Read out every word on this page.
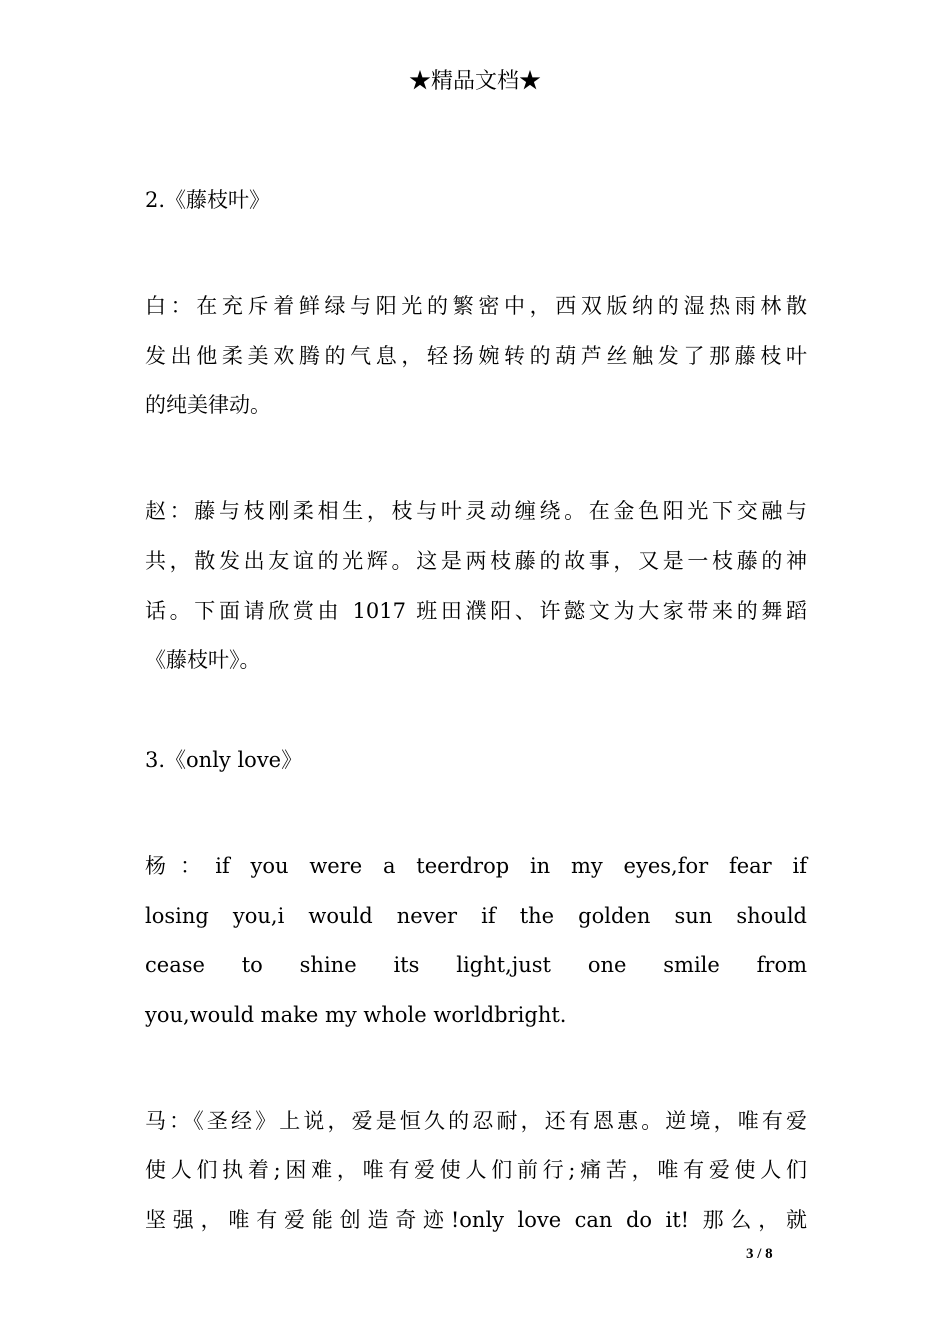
★精品文档★

2.《藤枝叶》

白：在充斥着鲜绿与阳光的繁密中，西双版纳的湿热雨林散
发出他柔美欢腾的气息，轻扬婉转的葫芦丝触发了那藤枝叶
的纯美律动。

赵：藤与枝刚柔相生，枝与叶灵动缠绕。在金色阳光下交融与
共，散发出友谊的光辉。这是两枝藤的故事，又是一枝藤的神
话。下面请欣赏由 1017 班田濮阳、许懿文为大家带来的舞蹈
《藤枝叶》。

3.《only love》

杨：if you were a teerdrop in my eyes,for fear if
losing you,i would never if the golden sun should
cease to shine its light,just one smile from
you,would make my whole worldbright.

马：《圣经》上说，爱是恒久的忍耐，还有恩惠。逆境，唯有爱
使人们执着;困难，唯有爱使人们前行;痛苦，唯有爱使人们
坚强，唯有爱能创造奇迹!only love can do it! 那么，就

3 / 8
